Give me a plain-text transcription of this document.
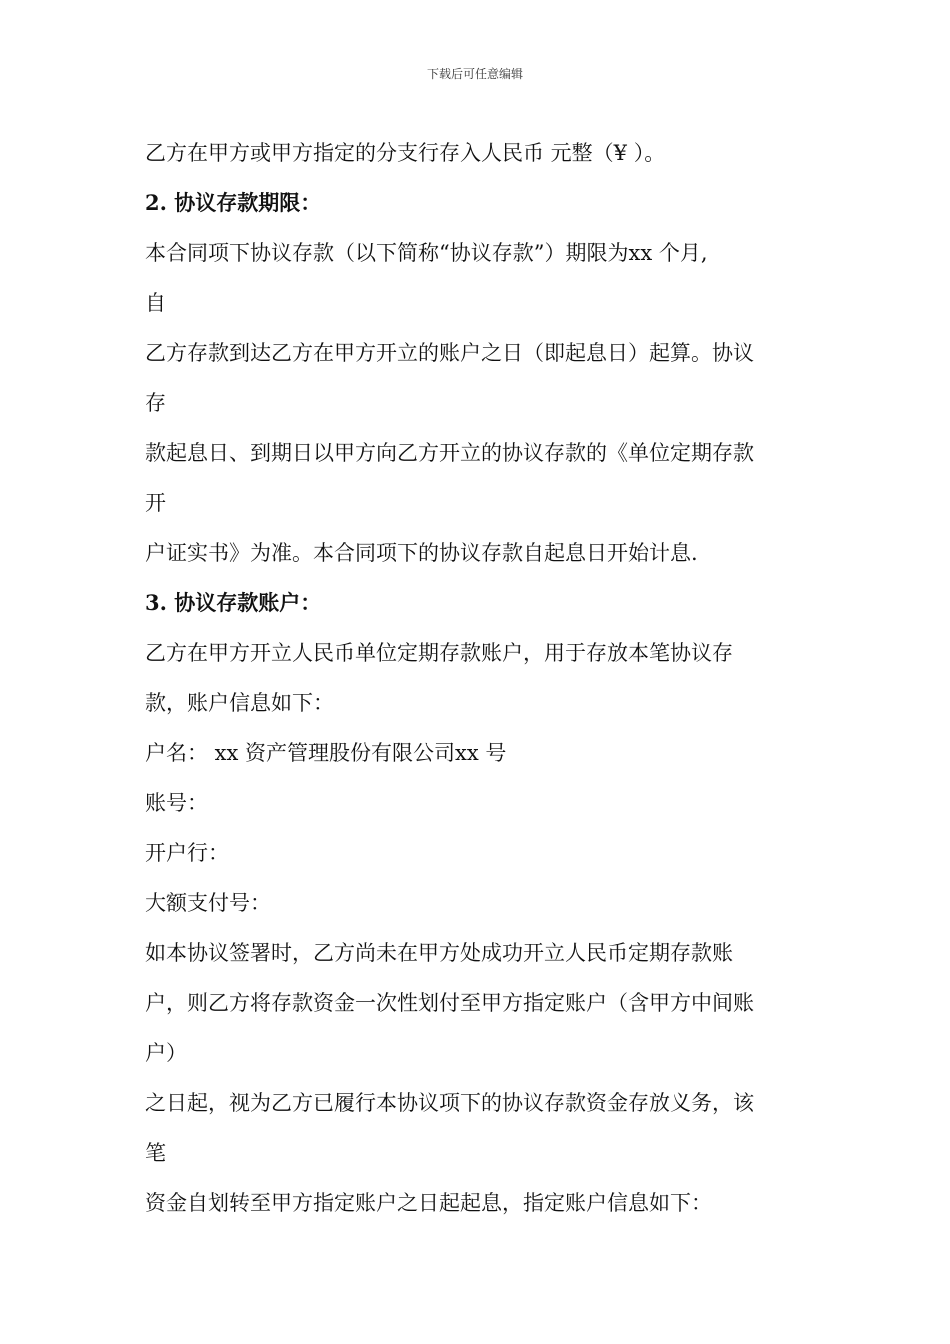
下载后可任意编辑
乙方在甲方或甲方指定的分支行存入人民币 元整（¥ ）。
2. 协议存款期限：
本合同项下协议存款（以下简称“协议存款”）期限为xx 个月,
自
乙方存款到达乙方在甲方开立的账户之日（即起息日）起算。协议
存
款起息日、到期日以甲方向乙方开立的协议存款的《单位定期存款
开
户证实书》为准。本合同项下的协议存款自起息日开始计息.
3. 协议存款账户：
乙方在甲方开立人民币单位定期存款账户，用于存放本笔协议存
款，账户信息如下：
户名： xx 资产管理股份有限公司xx 号
账号：
开户行：
大额支付号：
如本协议签署时，乙方尚未在甲方处成功开立人民币定期存款账
户，则乙方将存款资金一次性划付至甲方指定账户（含甲方中间账
户）
之日起，视为乙方已履行本协议项下的协议存款资金存放义务，该
笔
资金自划转至甲方指定账户之日起起息，指定账户信息如下：
